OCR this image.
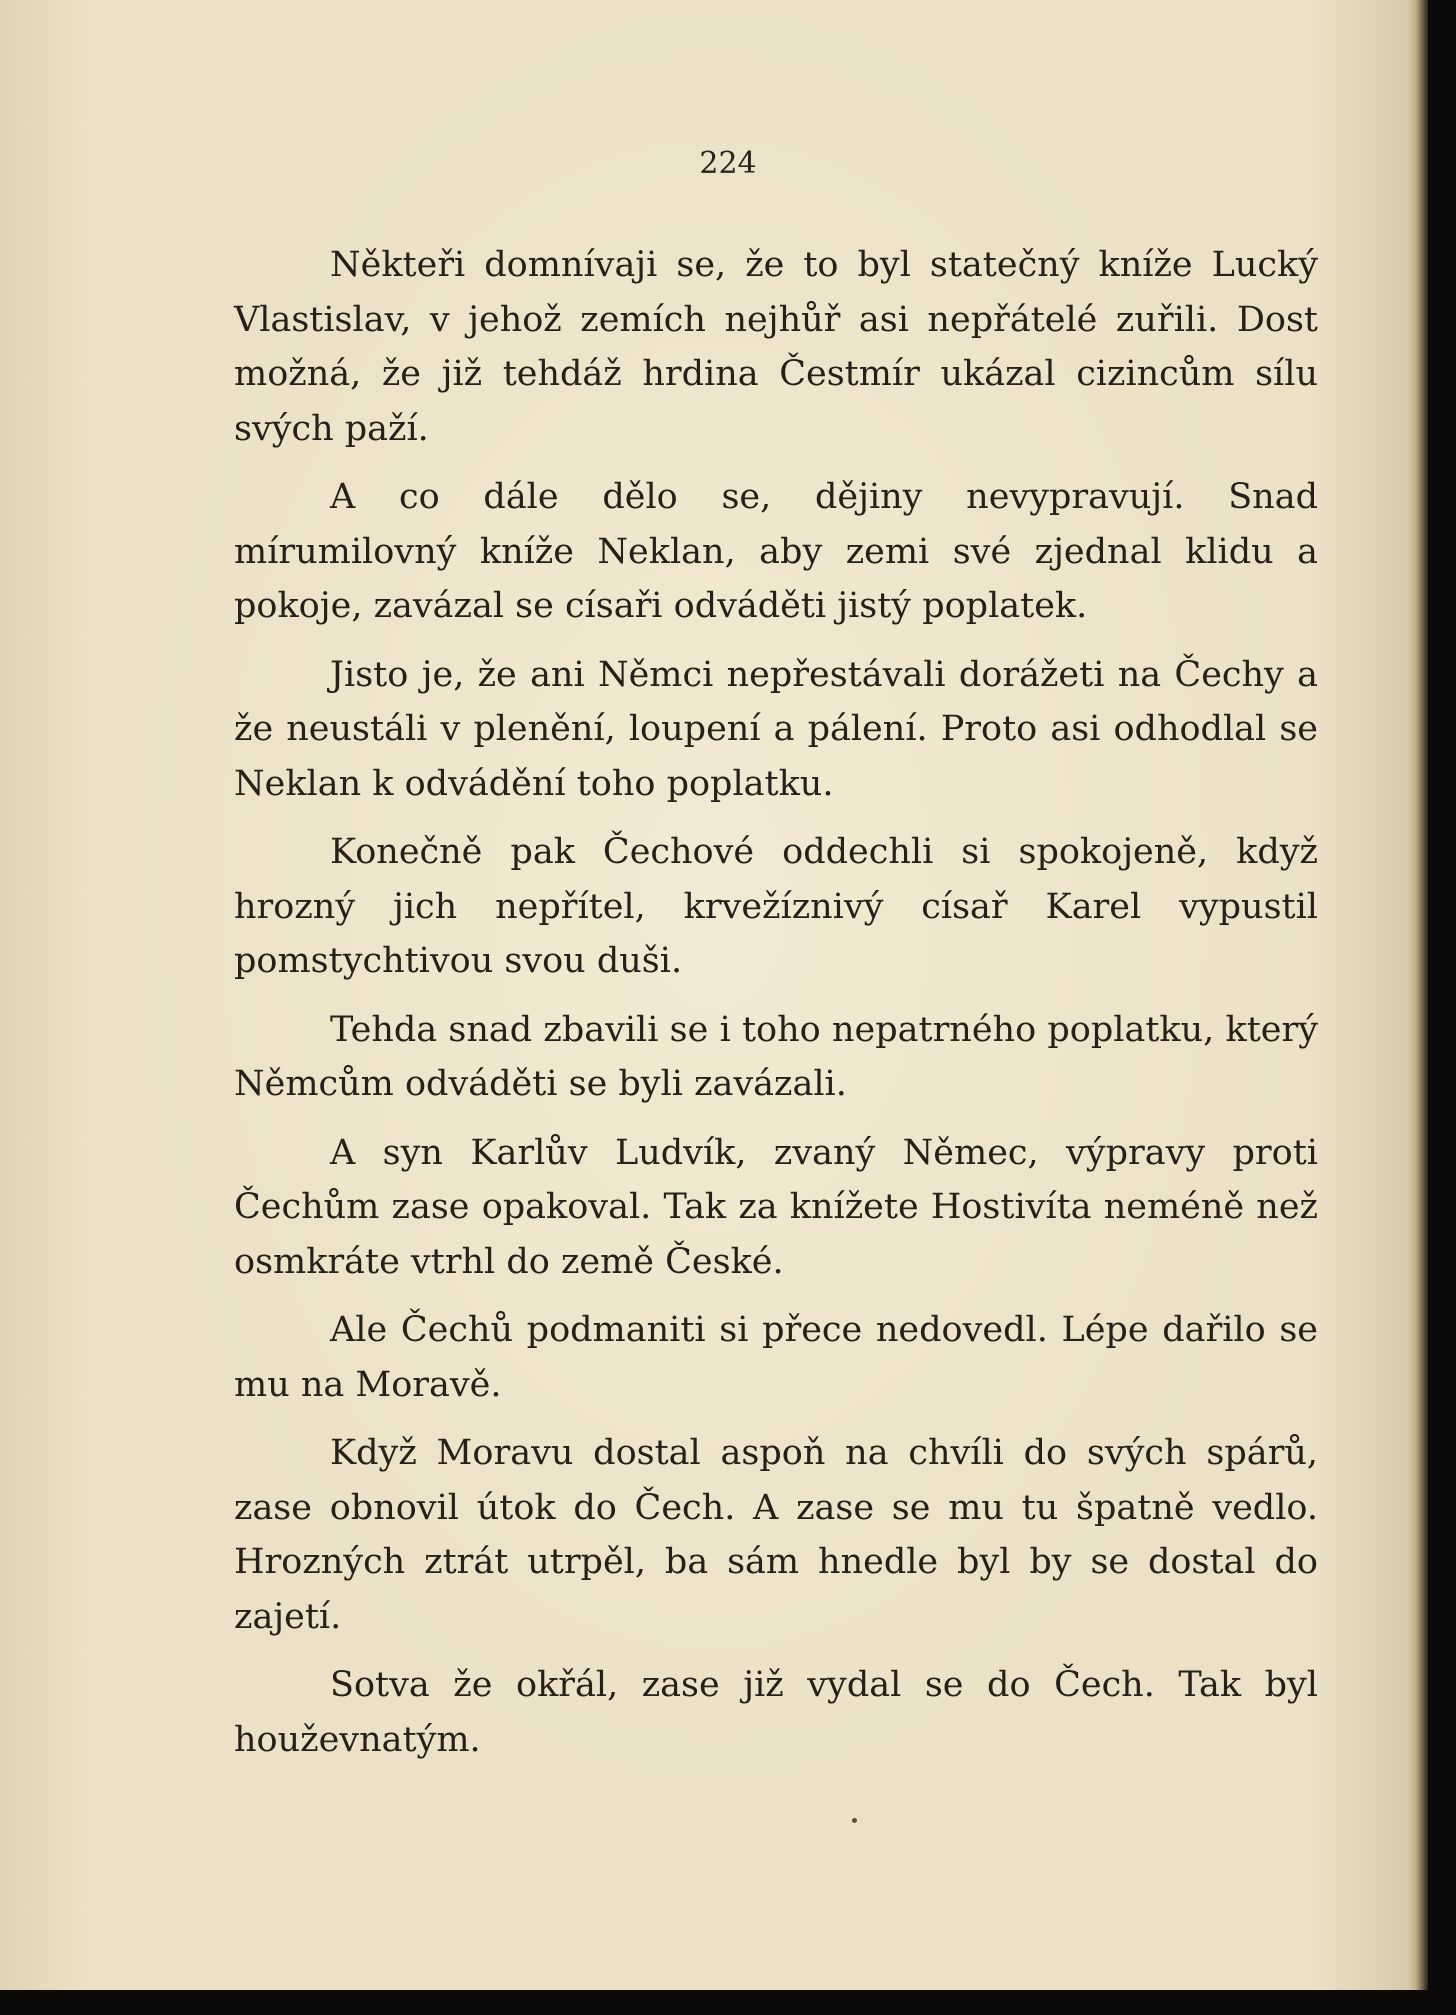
224

Někteři domnívaji se, že to byl statečný kníže Lucký Vlastislav, v jehož zemích nejhůř asi nepřátelé zuřili. Dost možná, že již tehdáž hrdina Čestmír ukázal cizincům sílu svých paží.

A co dále dělo se, dějiny nevypravují. Snad mírumilovný kníže Neklan, aby zemi své zjednal klidu a pokoje, zavázal se císaři odváděti jistý poplatek.

Jisto je, že ani Němci nepřestávali dorážeti na Čechy a že neustáli v plenění, loupení a pálení. Proto asi odhodlal se Neklan k odvádění toho poplatku.

Konečně pak Čechové oddechli si spokojeně, když hrozný jich nepřítel, krvežíznivý císař Karel vypustil pomstychtivou svou duši.

Tehda snad zbavili se i toho nepatrného poplatku, který Němcům odváděti se byli zavázali.

A syn Karlův Ludvík, zvaný Němec, výpravy proti Čechům zase opakoval. Tak za knížete Hostivíta neméně než osmkráte vtrhl do země České.

Ale Čechů podmaniti si přece nedovedl. Lépe dařilo se mu na Moravě.

Když Moravu dostal aspoň na chvíli do svých spárů, zase obnovil útok do Čech. A zase se mu tu špatně vedlo. Hrozných ztrát utrpěl, ba sám hnedle byl by se dostal do zajetí.

Sotva že okřál, zase již vydal se do Čech. Tak byl houževnatým.
